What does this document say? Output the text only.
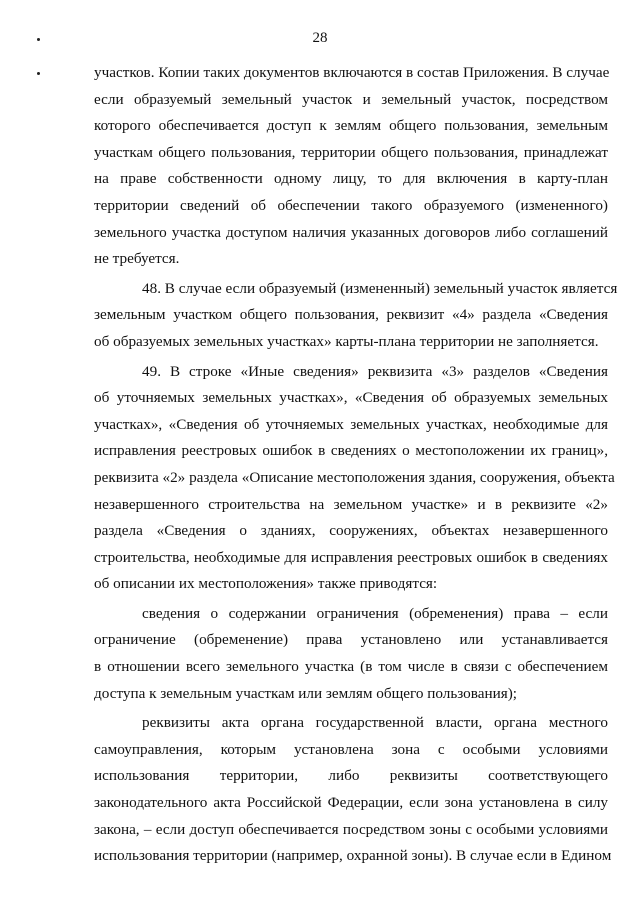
28

участков. Копии таких документов включаются в состав Приложения. В случае
если образуемый земельный участок и земельный участок, посредством
которого обеспечивается доступ к землям общего пользования, земельным
участкам общего пользования, территории общего пользования, принадлежат
на праве собственности одному лицу, то для включения в карту-план
территории сведений об обеспечении такого образуемого (измененного)
земельного участка доступом наличия указанных договоров либо соглашений
не требуется.

48. В случае если образуемый (измененный) земельный участок является
земельным участком общего пользования, реквизит «4» раздела «Сведения
об образуемых земельных участках» карты-плана территории не заполняется.

49. В строке «Иные сведения» реквизита «3» разделов «Сведения
об уточняемых земельных участках», «Сведения об образуемых земельных
участках», «Сведения об уточняемых земельных участках, необходимые для
исправления реестровых ошибок в сведениях о местоположении их границ»,
реквизита «2» раздела «Описание местоположения здания, сооружения, объекта
незавершенного строительства на земельном участке» и в реквизите «2»
раздела «Сведения о зданиях, сооружениях, объектах незавершенного
строительства, необходимые для исправления реестровых ошибок в сведениях
об описании их местоположения» также приводятся:

сведения о содержании ограничения (обременения) права – если
ограничение (обременение) права установлено или устанавливается
в отношении всего земельного участка (в том числе в связи с обеспечением
доступа к земельным участкам или землям общего пользования);

реквизиты акта органа государственной власти, органа местного
самоуправления, которым установлена зона с особыми условиями
использования территории, либо реквизиты соответствующего
законодательного акта Российской Федерации, если зона установлена в силу
закона, – если доступ обеспечивается посредством зоны с особыми условиями
использования территории (например, охранной зоны). В случае если в Едином
